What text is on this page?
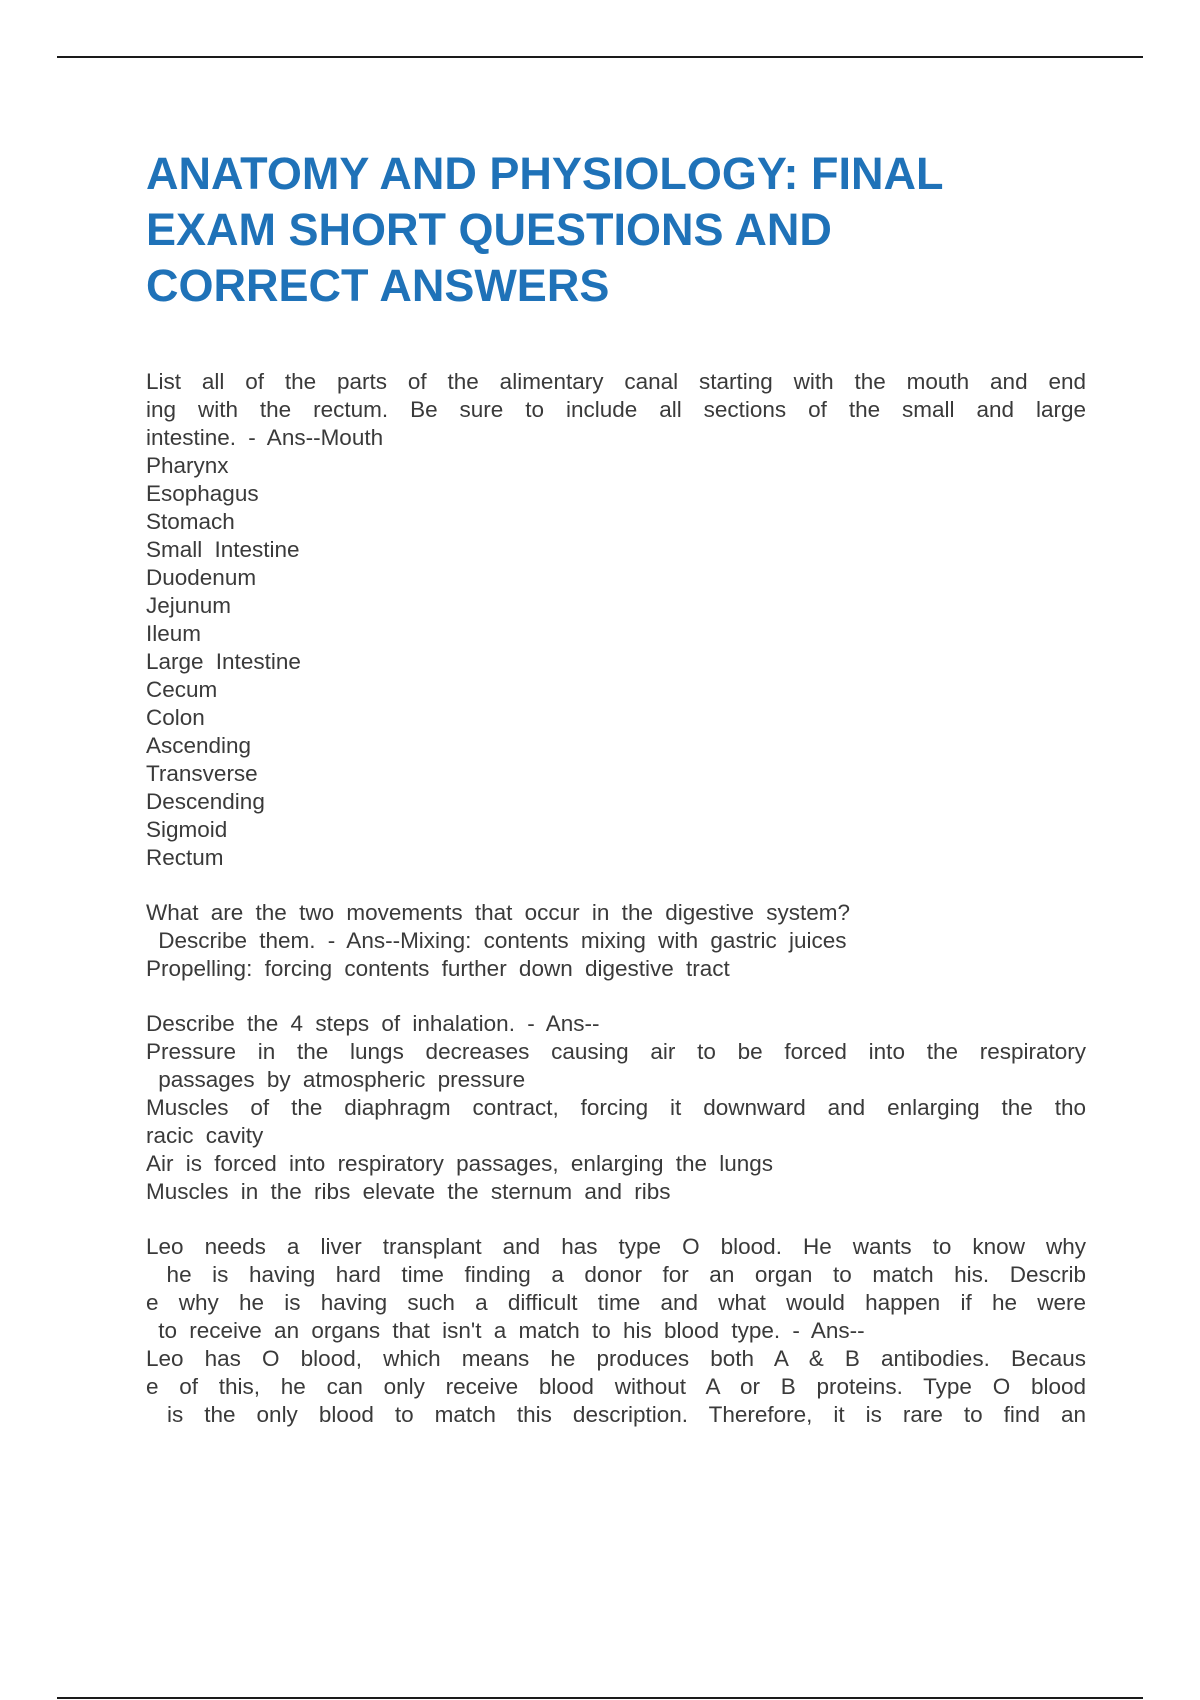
ANATOMY AND PHYSIOLOGY: FINAL
EXAM SHORT QUESTIONS AND
CORRECT ANSWERS
List all of the parts of the alimentary canal starting with the mouth and end
ing with the rectum. Be sure to include all sections of the small and large
intestine. - Ans--Mouth
Pharynx
Esophagus
Stomach
Small Intestine
Duodenum
Jejunum
Ileum
Large Intestine
Cecum
Colon
Ascending
Transverse
Descending
Sigmoid
Rectum
What are the two movements that occur in the digestive system?
Describe them. - Ans--Mixing: contents mixing with gastric juices
Propelling: forcing contents further down digestive tract
Describe the 4 steps of inhalation. - Ans--
Pressure in the lungs decreases causing air to be forced into the respiratory
passages by atmospheric pressure
Muscles of the diaphragm contract, forcing it downward and enlarging the tho
racic cavity
Air is forced into respiratory passages, enlarging the lungs
Muscles in the ribs elevate the sternum and ribs
Leo needs a liver transplant and has type O blood. He wants to know why
he is having hard time finding a donor for an organ to match his. Describ
e why he is having such a difficult time and what would happen if he were
to receive an organs that isn't a match to his blood type. - Ans--
Leo has O blood, which means he produces both A & B antibodies. Becaus
e of this, he can only receive blood without A or B proteins. Type O blood
is the only blood to match this description. Therefore, it is rare to find an
